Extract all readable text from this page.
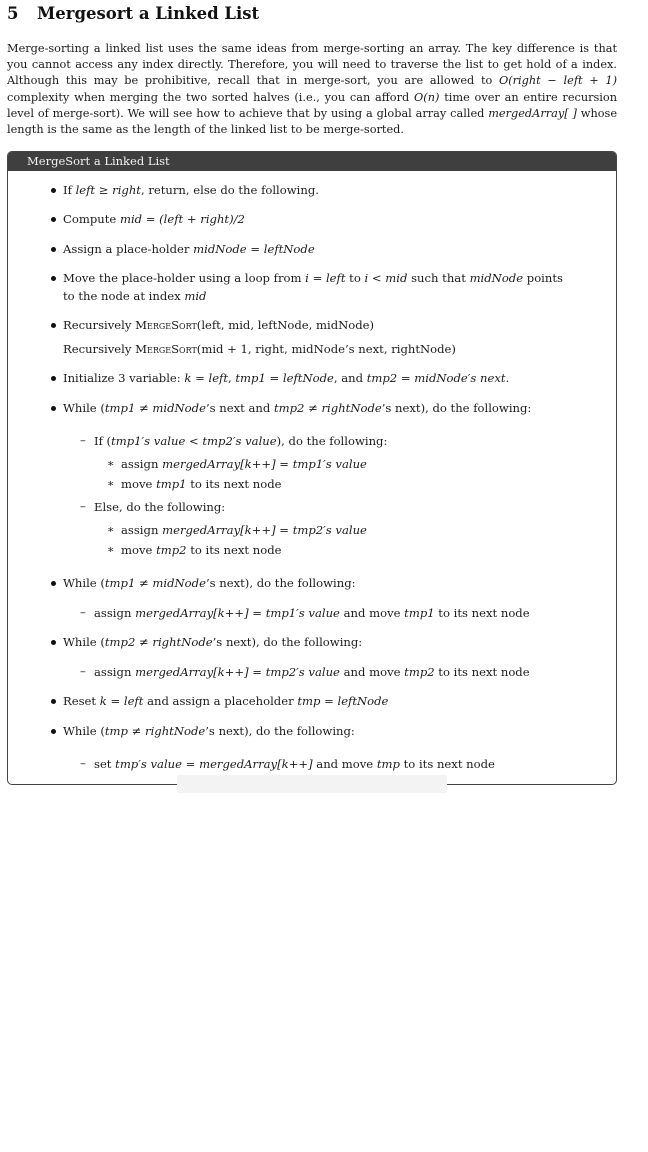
5 Mergesort a Linked List

Merge-sorting a linked list uses the same ideas from merge-sorting an array. The key difference is that you cannot access any index directly. Therefore, you will need to traverse the list to get hold of a index. Although this may be prohibitive, recall that in merge-sort, you are allowed to O(right − left + 1) complexity when merging the two sorted halves (i.e., you can afford O(n) time over an entire recursion level of merge-sort). We will see how to achieve that by using a global array called mergedArray[ ] whose length is the same as the length of the linked list to be merge-sorted.

MergeSort a Linked List
If left ≥ right, return, else do the following.
Compute mid = (left + right)/2
Assign a place-holder midNode = leftNode
Move the place-holder using a loop from i = left to i < mid such that midNode points
to the node at index mid
Recursively MergeSort(left, mid, leftNode, midNode)
Recursively MergeSort(mid + 1, right, midNode’s next, rightNode)
Initialize 3 variable: k = left, tmp1 = leftNode, and tmp2 = midNode′s next.
While (tmp1 ≠ midNode’s next and tmp2 ≠ rightNode’s next), do the following:
– If (tmp1′s value < tmp2′s value), do the following:
∗ assign mergedArray[k++] = tmp1′s value
∗ move tmp1 to its next node
– Else, do the following:
∗ assign mergedArray[k++] = tmp2′s value
∗ move tmp2 to its next node
While (tmp1 ≠ midNode’s next), do the following:
– assign mergedArray[k++] = tmp1′s value and move tmp1 to its next node
While (tmp2 ≠ rightNode’s next), do the following:
– assign mergedArray[k++] = tmp2′s value and move tmp2 to its next node
Reset k = left and assign a placeholder tmp = leftNode
While (tmp ≠ rightNode’s next), do the following:
– set tmp′s value = mergedArray[k++] and move tmp to its next node
